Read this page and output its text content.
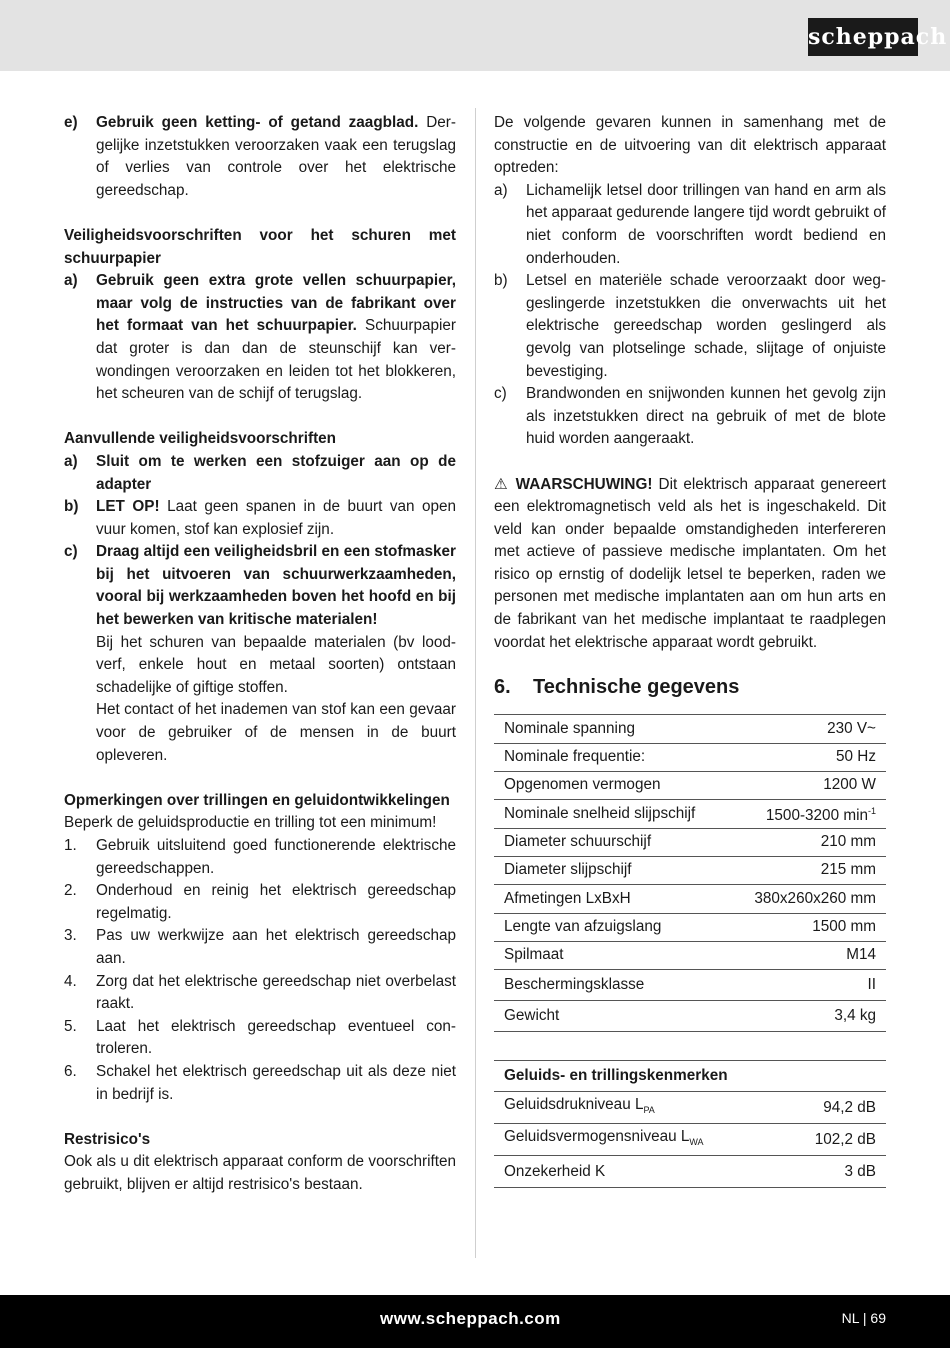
scheppach
e)	Gebruik geen ketting- of getand zaagblad. Dergelijke inzetstukken veroorzaken vaak een terugslag of verlies van controle over het elektrische gereedschap.

Veiligheidsvoorschriften voor het schuren met schuurpapier

a)	Gebruik geen extra grote vellen schuurpapier, maar volg de instructies van de fabrikant over het formaat van het schuurpapier. Schuurpapier dat groter is dan dan de steunschijf kan verwondingen veroorzaken en leiden tot het blokkeren, het scheuren van de schijf of terugslag.

Aanvullende veiligheidsvoorschriften

a)	Sluit om te werken een stofzuiger aan op de adapter
b)	LET OP! Laat geen spanen in de buurt van open vuur komen, stof kan explosief zijn.
c)	Draag altijd een veiligheidsbril en een stofmasker bij het uitvoeren van schuurwerkzaamheden, vooral bij werkzaamheden boven het hoofd en bij het bewerken van kritische materialen!

Bij het schuren van bepaalde materialen (bv loodverf, enkele hout en metaal soorten) ontstaan schadelijke of giftige stoffen.

Het contact of het inademen van stof kan een gevaar voor de gebruiker of de mensen in de buurt opleveren.

Opmerkingen over trillingen en geluidontwikkelingen

Beperk de geluidsproductie en trilling tot een minimum!

1.	Gebruik uitsluitend goed functionerende elektrische gereedschappen.
2.	Onderhoud en reinig het elektrisch gereedschap regelmatig.
3.	Pas uw werkwijze aan het elektrisch gereedschap aan.
4.	Zorg dat het elektrische gereedschap niet overbelast raakt.
5.	Laat het elektrisch gereedschap eventueel controleren.
6.	Schakel het elektrisch gereedschap uit als deze niet in bedrijf is.

Restrisico's

Ook als u dit elektrisch apparaat conform de voorschriften gebruikt, blijven er altijd restrisico's bestaan.

De volgende gevaren kunnen in samenhang met de constructie en de uitvoering van dit elektrisch apparaat optreden:

a)	Lichamelijk letsel door trillingen van hand en arm als het apparaat gedurende langere tijd wordt gebruikt of niet conform de voorschriften wordt bediend en onderhouden.
b)	Letsel en materiële schade veroorzaakt door weggeslingerde inzetstukken die onverwachts uit het elektrische gereedschap worden geslingerd als gevolg van plotselinge schade, slijtage of onjuiste bevestiging.
c)	Brandwonden en snijwonden kunnen het gevolg zijn als inzetstukken direct na gebruik of met de blote huid worden aangeraakt.

⚠ WAARSCHUWING! Dit elektrisch apparaat genereert een elektromagnetisch veld als het is ingeschakeld. Dit veld kan onder bepaalde omstandigheden interfereren met actieve of passieve medische implantaten. Om het risico op ernstig of dodelijk letsel te beperken, raden we personen met medische implantaten aan om hun arts en de fabrikant van het medische implantaat te raadplegen voordat het elektrische apparaat wordt gebruikt.

6.	Technische gegevens
Nominale spanning	230 V~
Nominale frequentie:	50 Hz
Opgenomen vermogen	1200 W
Nominale snelheid slijpschijf	1500-3200 $\min^{-1}$
Diameter schuurschijf	210 mm
Diameter slijpschijf	215 mm
Afmetingen LxBxH	380x260x260 mm
Lengte van afzuigslang	1500 mm
Spilmaat	M14
Beschermingsklasse	II
Gewicht	3,4 kg
Geluids- en trillingskenmerken	
Geluidsdrukniveau $L_{PA}$	94,2 dB
Geluidsvermogensniveau $L_{WA}$	102,2 dB
Onzekerheid K	3 dB
www.scheppach.com	NL | 69
